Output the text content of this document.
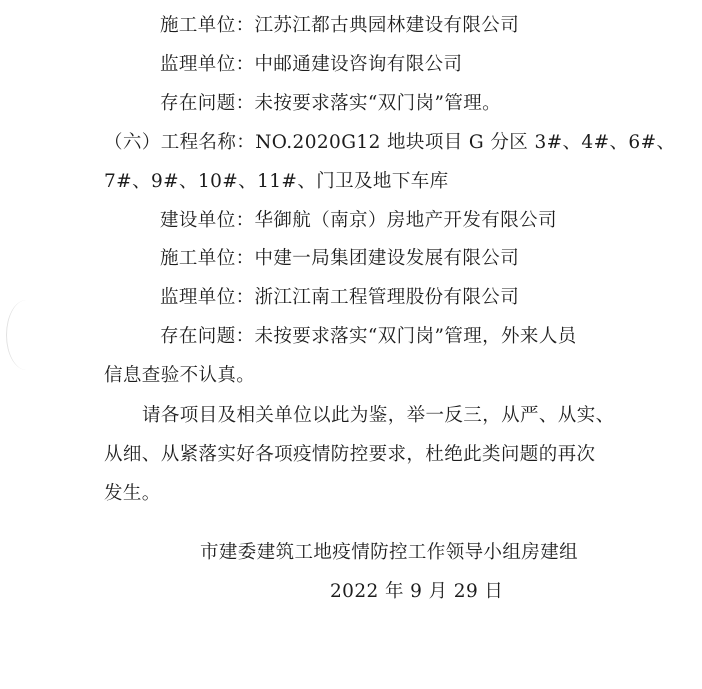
施工单位：江苏江都古典园林建设有限公司
监理单位：中邮通建设咨询有限公司
存在问题：未按要求落实“双门岗”管理。
（六）工程名称：NO.2020G12 地块项目 G 分区 3#、4#、6#、
7#、9#、10#、11#、门卫及地下车库
建设单位：华御航（南京）房地产开发有限公司
施工单位：中建一局集团建设发展有限公司
监理单位：浙江江南工程管理股份有限公司
存在问题：未按要求落实“双门岗”管理，外来人员
信息查验不认真。
请各项目及相关单位以此为鉴，举一反三，从严、从实、
从细、从紧落实好各项疫情防控要求，杜绝此类问题的再次
发生。
市建委建筑工地疫情防控工作领导小组房建组
2022 年 9 月 29 日
